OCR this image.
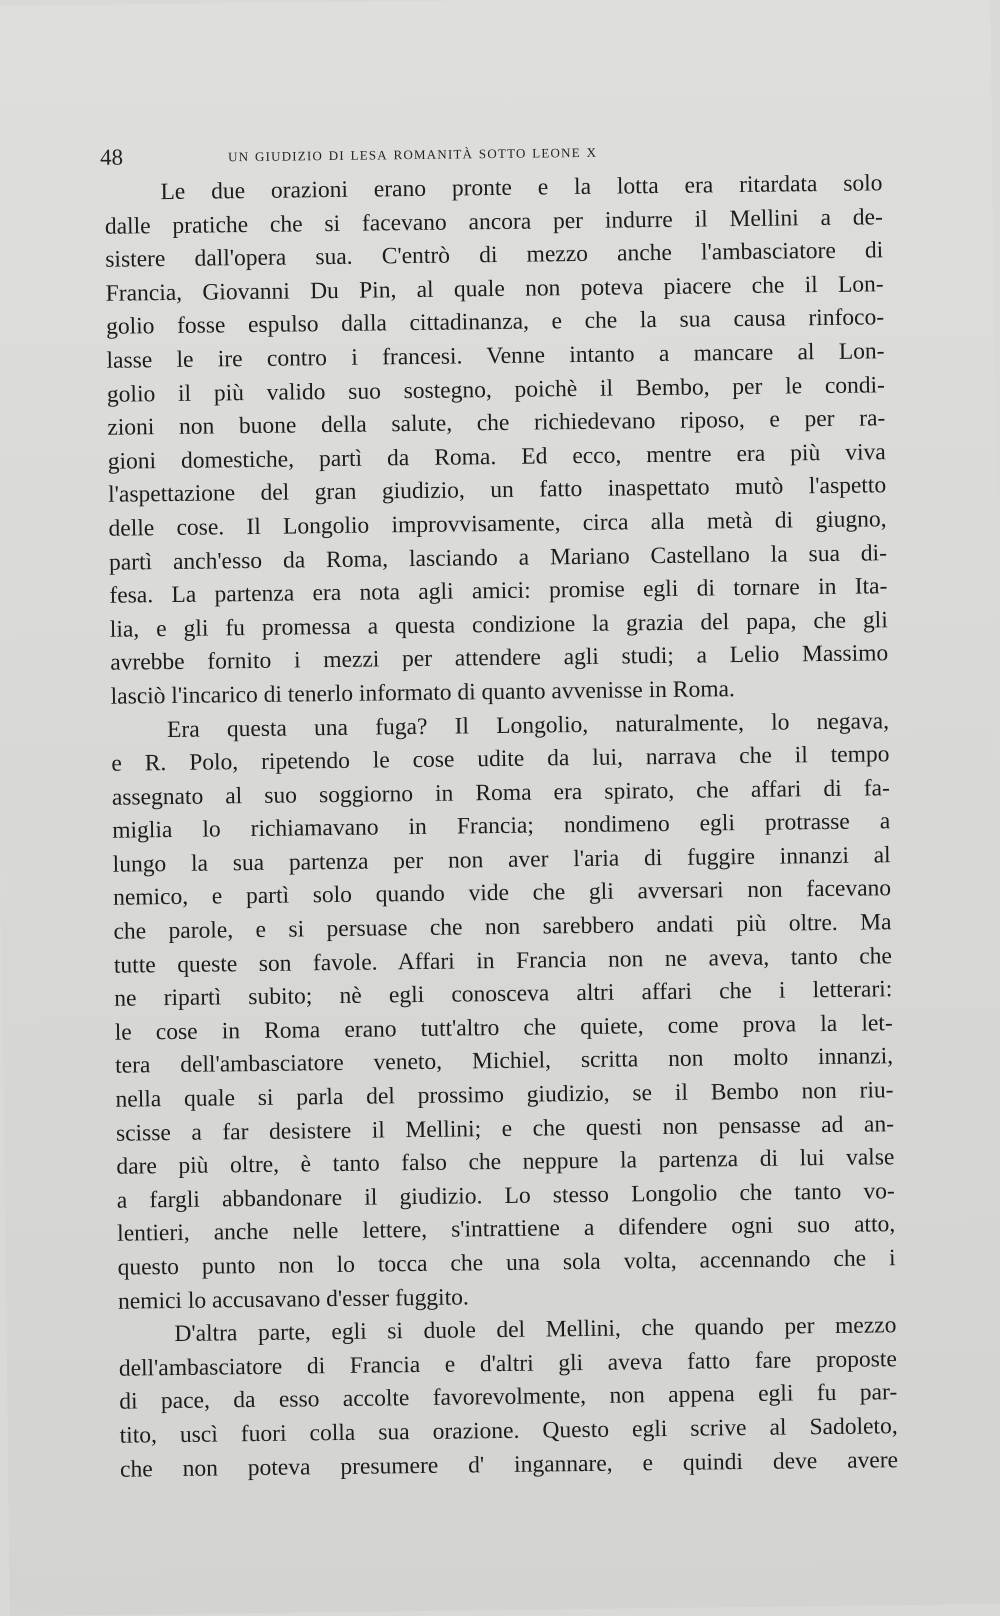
48	un giudizio di lesa romanità sotto leone x
Le due orazioni erano pronte e la lotta era ritardata solo
dalle pratiche che si facevano ancora per indurre il Mellini a de-
sistere dall'opera sua. C'entrò di mezzo anche l'ambasciatore di
Francia, Giovanni Du Pin, al quale non poteva piacere che il Lon-
golio fosse espulso dalla cittadinanza, e che la sua causa rinfoco-
lasse le ire contro i francesi. Venne intanto a mancare al Lon-
golio il più valido suo sostegno, poichè il Bembo, per le condi-
zioni non buone della salute, che richiedevano riposo, e per ra-
gioni domestiche, partì da Roma. Ed ecco, mentre era più viva
l'aspettazione del gran giudizio, un fatto inaspettato mutò l'aspetto
delle cose. Il Longolio improvvisamente, circa alla metà di giugno,
partì anch'esso da Roma, lasciando a Mariano Castellano la sua di-
fesa. La partenza era nota agli amici: promise egli di tornare in Ita-
lia, e gli fu promessa a questa condizione la grazia del papa, che gli
avrebbe fornito i mezzi per attendere agli studi; a Lelio Massimo
lasciò l'incarico di tenerlo informato di quanto avvenisse in Roma.
Era questa una fuga? Il Longolio, naturalmente, lo negava,
e R. Polo, ripetendo le cose udite da lui, narrava che il tempo
assegnato al suo soggiorno in Roma era spirato, che affari di fa-
miglia lo richiamavano in Francia; nondimeno egli protrasse a
lungo la sua partenza per non aver l'aria di fuggire innanzi al
nemico, e partì solo quando vide che gli avversari non facevano
che parole, e si persuase che non sarebbero andati più oltre. Ma
tutte queste son favole. Affari in Francia non ne aveva, tanto che
ne ripartì subito; nè egli conosceva altri affari che i letterari:
le cose in Roma erano tutt'altro che quiete, come prova la let-
tera dell'ambasciatore veneto, Michiel, scritta non molto innanzi,
nella quale si parla del prossimo giudizio, se il Bembo non riu-
scisse a far desistere il Mellini; e che questi non pensasse ad an-
dare più oltre, è tanto falso che neppure la partenza di lui valse
a fargli abbandonare il giudizio. Lo stesso Longolio che tanto vo-
lentieri, anche nelle lettere, s'intrattiene a difendere ogni suo atto,
questo punto non lo tocca che una sola volta, accennando che i
nemici lo accusavano d'esser fuggito.
D'altra parte, egli si duole del Mellini, che quando per mezzo
dell'ambasciatore di Francia e d'altri gli aveva fatto fare proposte
di pace, da esso accolte favorevolmente, non appena egli fu par-
tito, uscì fuori colla sua orazione. Questo egli scrive al Sadoleto,
che non poteva presumere d' ingannare, e quindi deve avere
